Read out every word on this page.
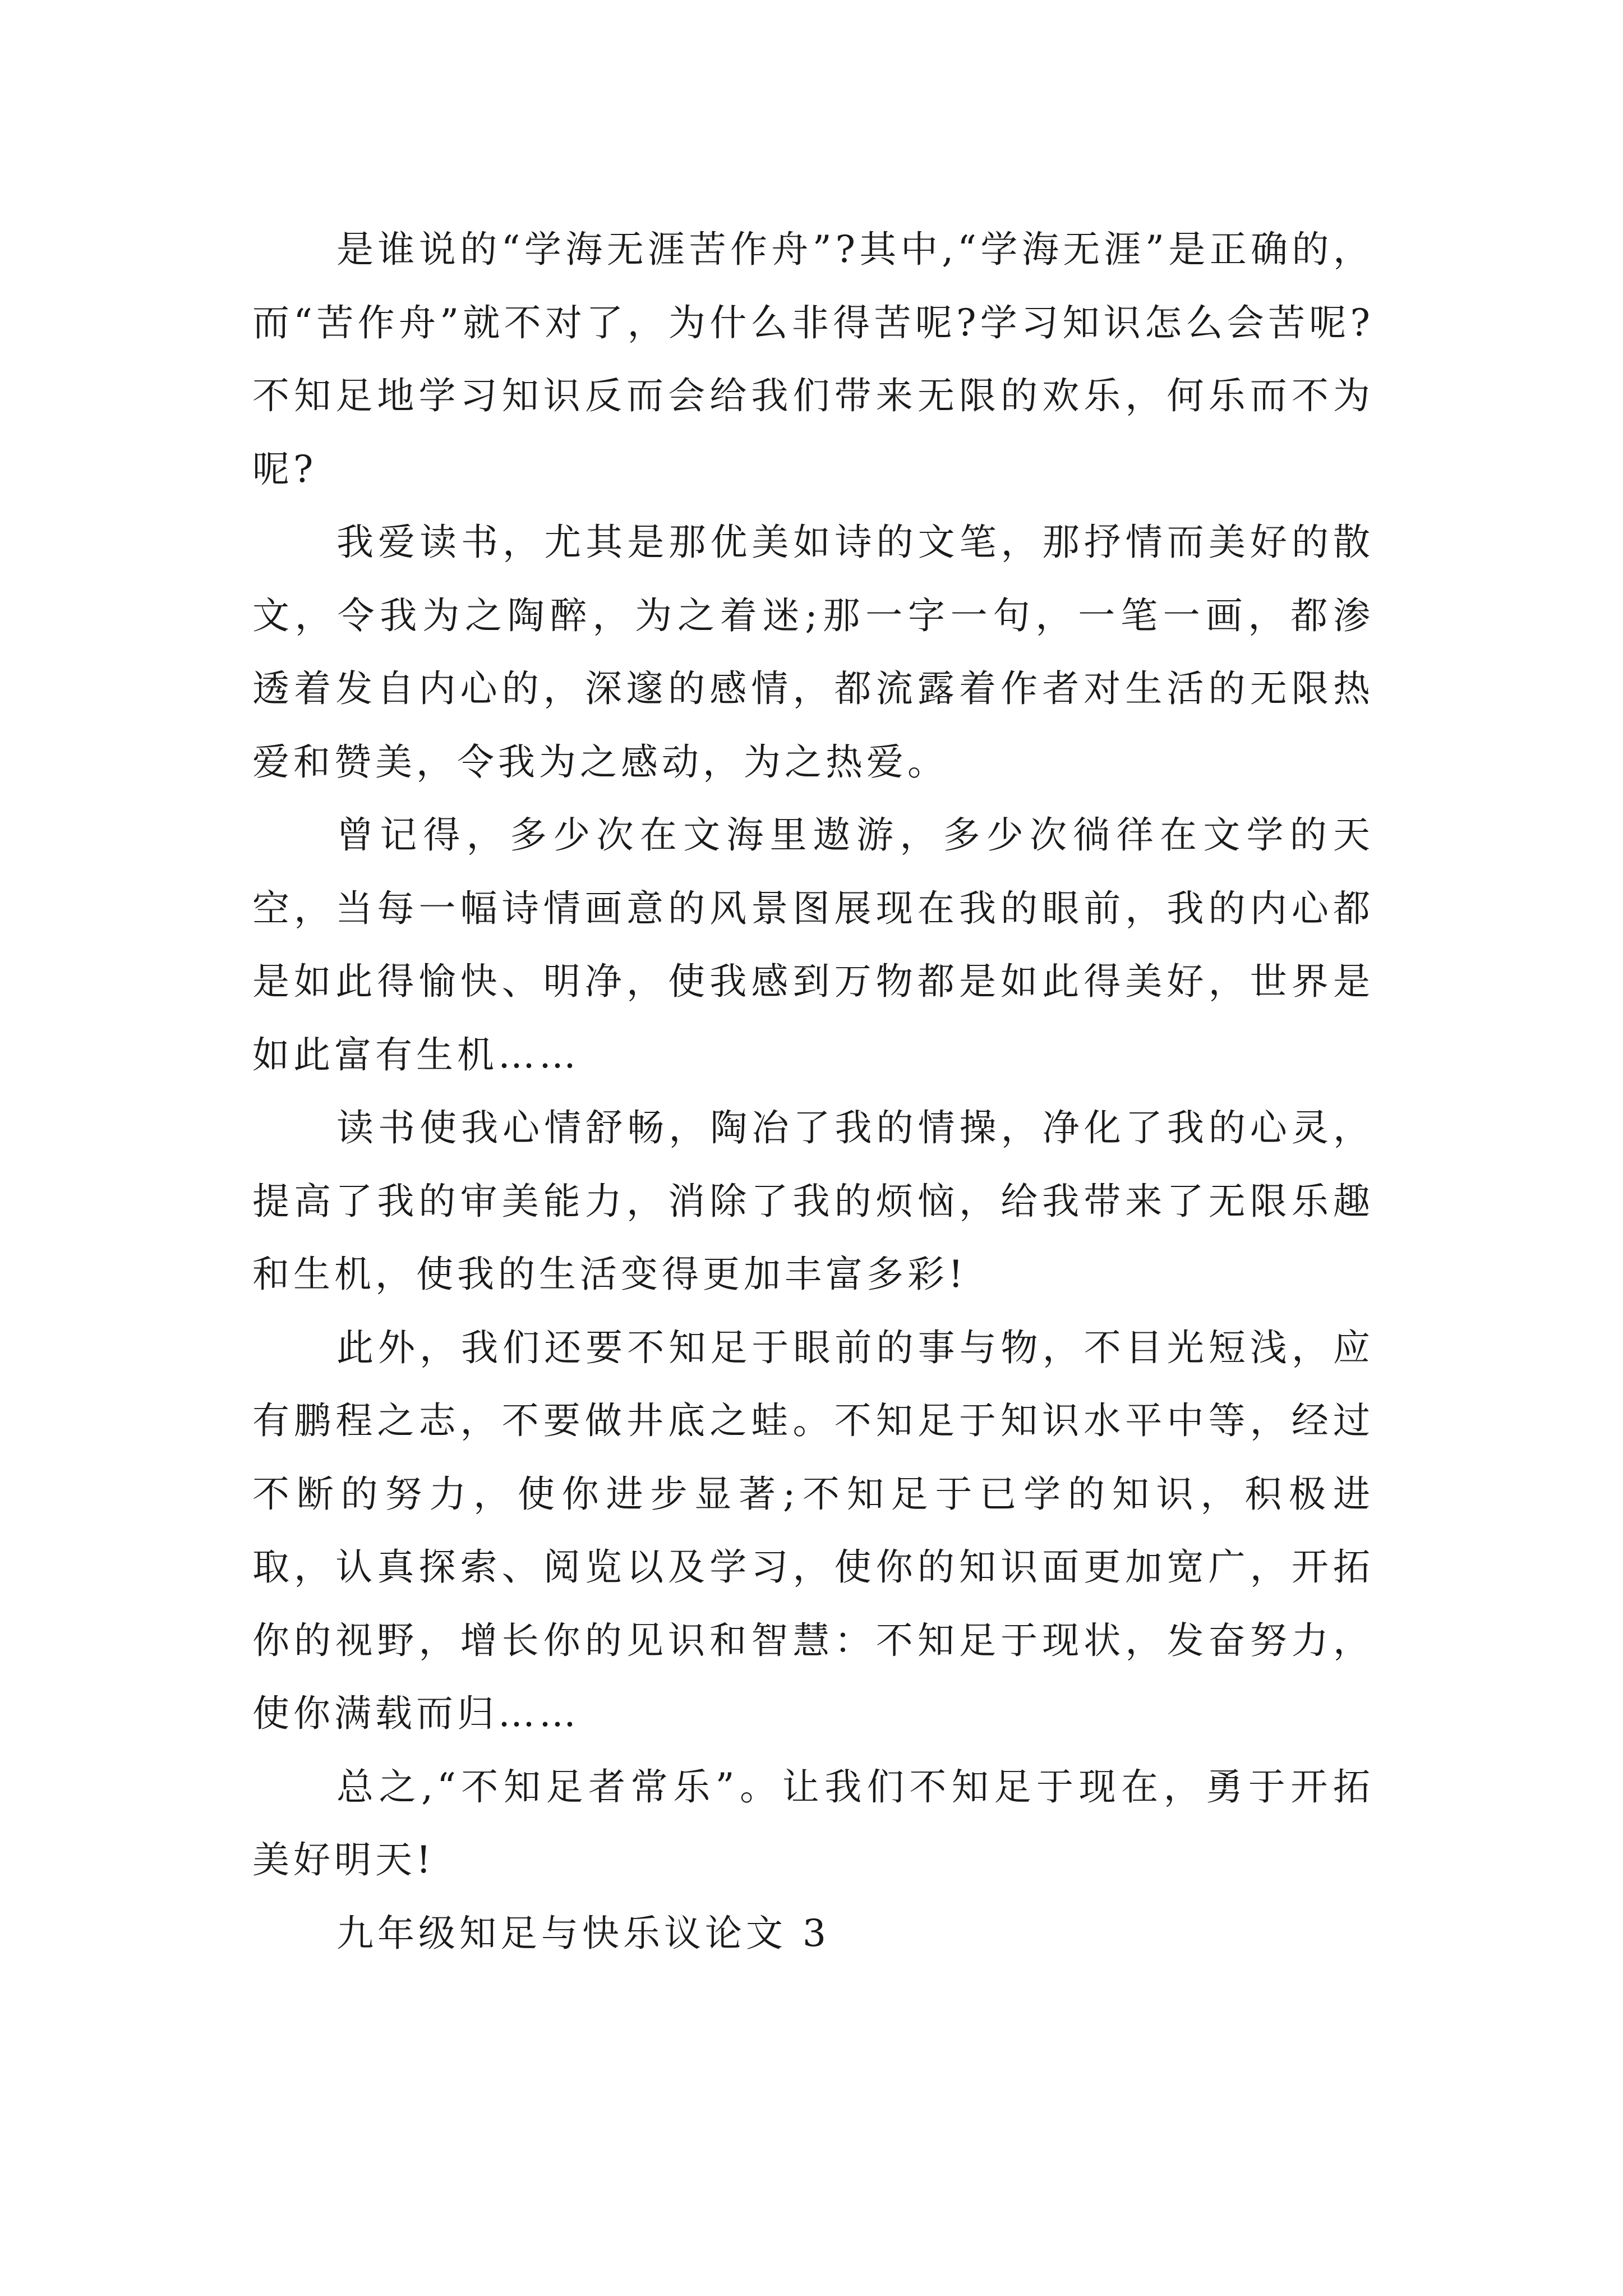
是谁说的“学海无涯苦作舟”?其中,“学海无涯”是正确的，而“苦作舟”就不对了，为什么非得苦呢?学习知识怎么会苦呢?不知足地学习知识反而会给我们带来无限的欢乐，何乐而不为呢?

我爱读书，尤其是那优美如诗的文笔，那抒情而美好的散文，令我为之陶醉，为之着迷;那一字一句，一笔一画，都渗透着发自内心的，深邃的感情，都流露着作者对生活的无限热爱和赞美，令我为之感动，为之热爱。

曾记得，多少次在文海里遨游，多少次徜徉在文学的天空，当每一幅诗情画意的风景图展现在我的眼前，我的内心都是如此得愉快、明净，使我感到万物都是如此得美好，世界是如此富有生机……

读书使我心情舒畅，陶冶了我的情操，净化了我的心灵，提高了我的审美能力，消除了我的烦恼，给我带来了无限乐趣和生机，使我的生活变得更加丰富多彩!

此外，我们还要不知足于眼前的事与物，不目光短浅，应有鹏程之志，不要做井底之蛙。不知足于知识水平中等，经过不断的努力，使你进步显著;不知足于已学的知识，积极进取，认真探索、阅览以及学习，使你的知识面更加宽广，开拓你的视野，增长你的见识和智慧：不知足于现状，发奋努力，使你满载而归……

总之,“不知足者常乐”。让我们不知足于现在，勇于开拓美好明天!

九年级知足与快乐议论文 3
